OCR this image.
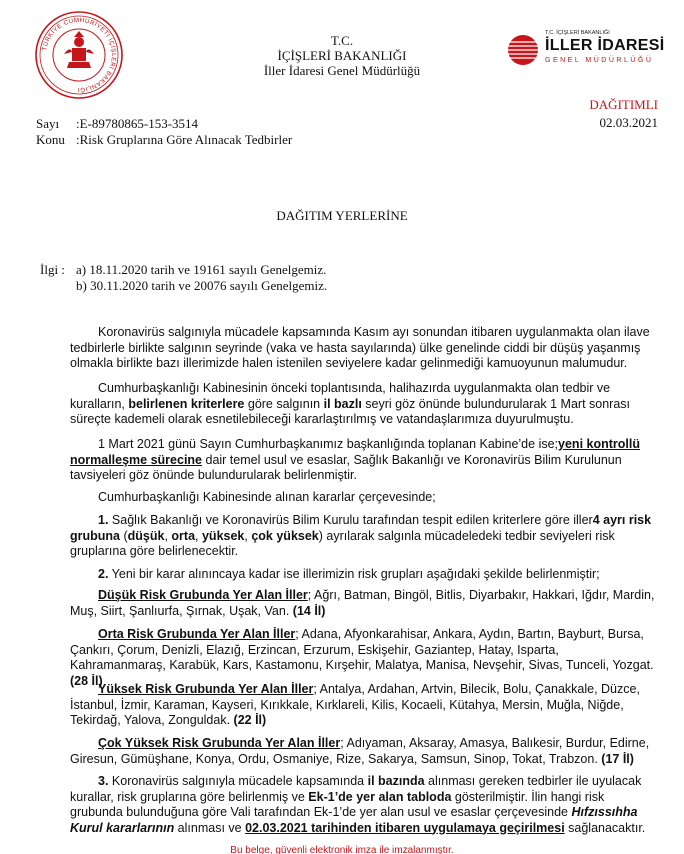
TÜRKİYE CUMHURİYETİ İÇİŞLERİ BAKANLIĞI
T.C. İÇİŞLERİ BAKANLIĞI
İLLER İDARESİ
GENEL MÜDÜRLÜĞÜ
T.C.
İÇİŞLERİ BAKANLIĞI
İller İdaresi Genel Müdürlüğü
DAĞITIMLI
02.03.2021
Sayı :E-89780865-153-3514
Konu :Risk Gruplarına Göre Alınacak Tedbirler
DAĞITIM YERLERİNE
İlgi : a) 18.11.2020 tarih ve 19161 sayılı Genelgemiz.
b) 30.11.2020 tarih ve 20076 sayılı Genelgemiz.
Koronavirüs salgınıyla mücadele kapsamında Kasım ayı sonundan itibaren uygulanmakta olan ilave tedbirlerle birlikte salgının seyrinde (vaka ve hasta sayılarında) ülke genelinde ciddi bir düşüş yaşanmış olmakla birlikte bazı illerimizde halen istenilen seviyelere kadar gelinmediği kamuoyunun malumudur.
Cumhurbaşkanlığı Kabinesinin önceki toplantısında, halihazırda uygulanmakta olan tedbir ve kuralların, belirlenen kriterlere göre salgının il bazlı seyri göz önünde bulundurularak 1 Mart sonrası süreçte kademeli olarak esnetilebileceği kararlaştırılmış ve vatandaşlarımıza duyurulmuştu.
1 Mart 2021 günü Sayın Cumhurbaşkanımız başkanlığında toplanan Kabine’de ise;yeni kontrollü normalleşme sürecine dair temel usul ve esaslar, Sağlık Bakanlığı ve Koronavirüs Bilim Kurulunun tavsiyeleri göz önünde bulundurularak belirlenmiştir.
Cumhurbaşkanlığı Kabinesinde alınan kararlar çerçevesinde;
1. Sağlık Bakanlığı ve Koronavirüs Bilim Kurulu tarafından tespit edilen kriterlere göre iller4 ayrı risk grubuna (düşük, orta, yüksek, çok yüksek) ayrılarak salgınla mücadeledeki tedbir seviyeleri risk gruplarına göre belirlenecektir.
2. Yeni bir karar alınıncaya kadar ise illerimizin risk grupları aşağıdaki şekilde belirlenmiştir;
Düşük Risk Grubunda Yer Alan İller; Ağrı, Batman, Bingöl, Bitlis, Diyarbakır, Hakkari, Iğdır, Mardin, Muş, Siirt, Şanlıurfa, Şırnak, Uşak, Van. (14 İl)
Orta Risk Grubunda Yer Alan İller; Adana, Afyonkarahisar, Ankara, Aydın, Bartın, Bayburt, Bursa, Çankırı, Çorum, Denizli, Elazığ, Erzincan, Erzurum, Eskişehir, Gaziantep, Hatay, Isparta, Kahramanmaraş, Karabük, Kars, Kastamonu, Kırşehir, Malatya, Manisa, Nevşehir, Sivas, Tunceli, Yozgat. (28 İl)
Yüksek Risk Grubunda Yer Alan İller; Antalya, Ardahan, Artvin, Bilecik, Bolu, Çanakkale, Düzce, İstanbul, İzmir, Karaman, Kayseri, Kırıkkale, Kırklareli, Kilis, Kocaeli, Kütahya, Mersin, Muğla, Niğde, Tekirdağ, Yalova, Zonguldak. (22 İl)
Çok Yüksek Risk Grubunda Yer Alan İller; Adıyaman, Aksaray, Amasya, Balıkesir, Burdur, Edirne, Giresun, Gümüşhane, Konya, Ordu, Osmaniye, Rize, Sakarya, Samsun, Sinop, Tokat, Trabzon. (17 İl)
3. Koronavirüs salgınıyla mücadele kapsamında il bazında alınması gereken tedbirler ile uyulacak kurallar, risk gruplarına göre belirlenmiş ve Ek-1’de yer alan tabloda gösterilmiştir. İlin hangi risk grubunda bulunduğuna göre Vali tarafından Ek-1’de yer alan usul ve esaslar çerçevesinde Hıfzıssıhha Kurul kararlarının alınması ve 02.03.2021 tarihinden itibaren uygulamaya geçirilmesi sağlanacaktır.
Bu belge, güvenli elektronik imza ile imzalanmıştır.
